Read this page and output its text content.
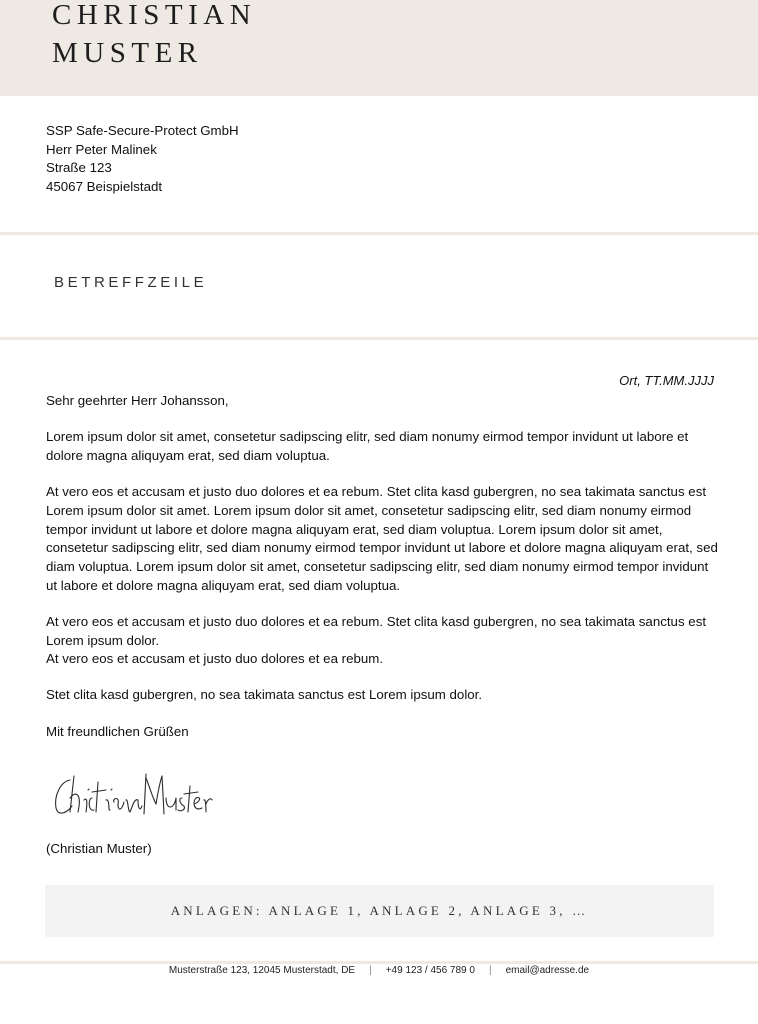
CHRISTIAN
MUSTER
SSP Safe-Secure-Protect GmbH
Herr Peter Malinek
Straße 123
45067 Beispielstadt
BETREFFZEILE
Ort, TT.MM.JJJJ

Sehr geehrter Herr Johansson,

Lorem ipsum dolor sit amet, consetetur sadipscing elitr, sed diam nonumy eirmod tempor invidunt ut labore et dolore magna aliquyam erat, sed diam voluptua.

At vero eos et accusam et justo duo dolores et ea rebum. Stet clita kasd gubergren, no sea takimata sanctus est Lorem ipsum dolor sit amet. Lorem ipsum dolor sit amet, consetetur sadipscing elitr, sed diam nonumy eirmod tempor invidunt ut labore et dolore magna aliquyam erat, sed diam voluptua. Lorem ipsum dolor sit amet, consetetur sadipscing elitr, sed diam nonumy eirmod tempor invidunt ut labore et dolore magna aliquyam erat, sed diam voluptua. Lorem ipsum dolor sit amet, consetetur sadipscing elitr, sed diam nonumy eirmod tempor invidunt ut labore et dolore magna aliquyam erat, sed diam voluptua.

At vero eos et accusam et justo duo dolores et ea rebum. Stet clita kasd gubergren, no sea takimata sanctus est Lorem ipsum dolor.

At vero eos et accusam et justo duo dolores et ea rebum.

Stet clita kasd gubergren, no sea takimata sanctus est Lorem ipsum dolor.

Mit freundlichen Grüßen

(Christian Muster)
ANLAGEN: ANLAGE 1, ANLAGE 2, ANLAGE 3, …
Musterstraße 123, 12045 Musterstadt, DE | +49 123 / 456 789 0 | email@adresse.de
